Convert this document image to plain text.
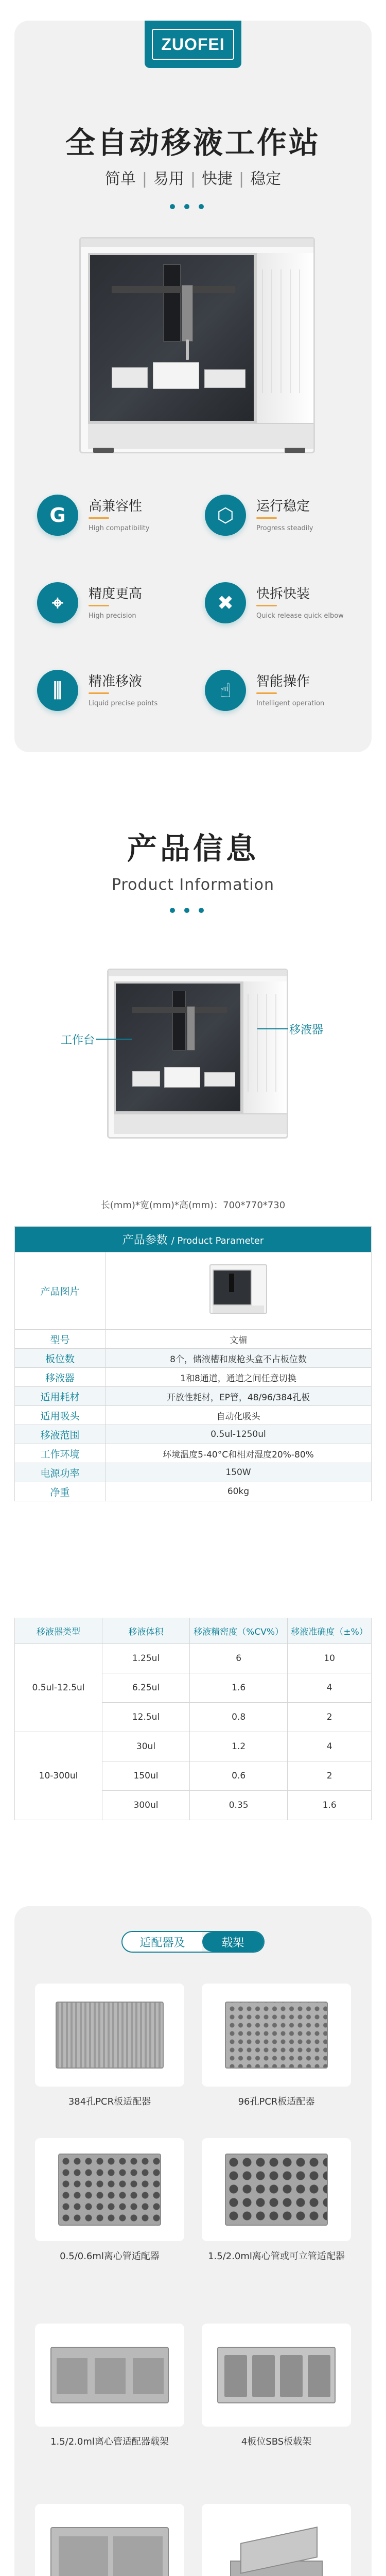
ZUOFEI
全自动移液工作站
简单 | 易用 | 快捷 | 稳定
G	高兼容性
High compatibility
⬡	运行稳定
Progress steadily
⌖	精度更高
High precision
✖	快拆快装
Quick release quick elbow
⫼	精准移液
Liquid precise points
☝	智能操作
Intelligent operation
产品信息
Product Information
工作台
移液器
长(mm)*宽(mm)*高(mm)：700*770*730
产品参数 / Product Parameter	
产品图片	

型号	文楣
板位数	8个，储液槽和废枪头盒不占板位数
移液器	1和8通道，通道之间任意切换
适用耗材	开放性耗材，EP管，48/96/384孔板
适用吸头	自动化吸头
移液范围	0.5ul-1250ul
工作环境	环境温度5-40°C和相对湿度20%-80%
电源功率	150W
净重	60kg
移液器类型	移液体积	移液精密度（%CV%）	移液准确度（±%）
0.5ul-12.5ul	1.25ul	6	10
	6.25ul	1.6	4
	12.5ul	0.8	2
10-300ul	30ul	1.2	4
	150ul	0.6	2
	300ul	0.35	1.6
适配器及	载架
384孔PCR板适配器	96孔PCR板适配器
0.5/0.6ml离心管适配器	1.5/2.0ml离心管或可立管适配器
1.5/2.0ml离心管适配器载架	4板位SBS板载架
